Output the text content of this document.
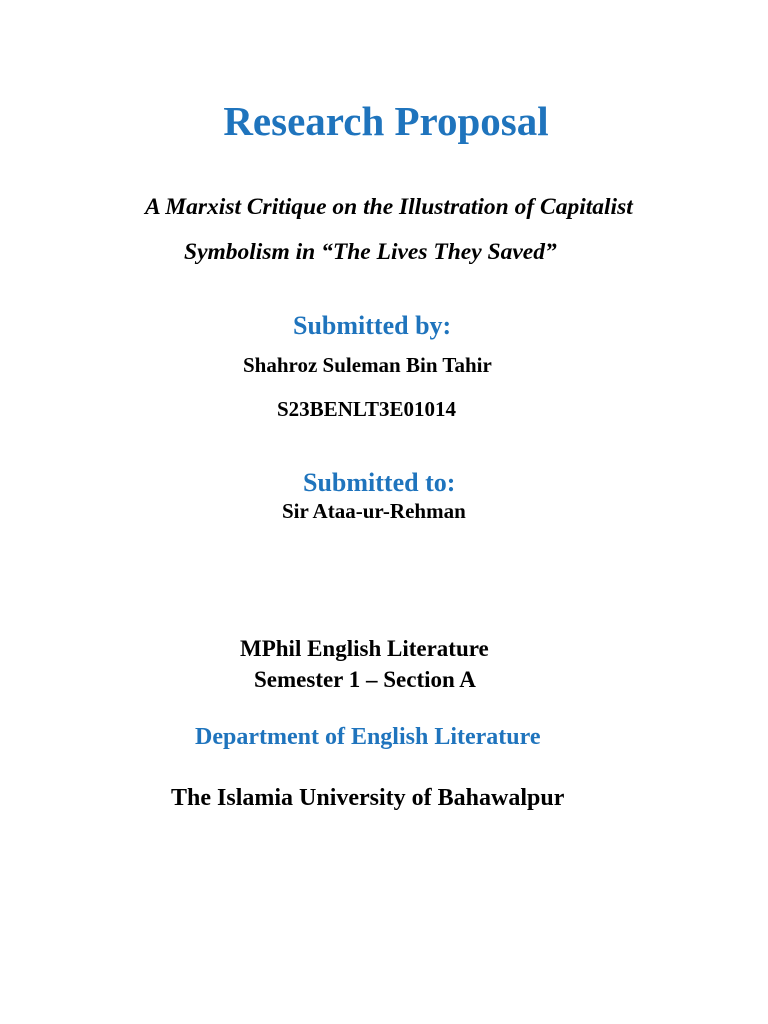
Research Proposal
A Marxist Critique on the Illustration of Capitalist
Symbolism in “The Lives They Saved”
Submitted by:
Shahroz Suleman Bin Tahir
S23BENLT3E01014
Submitted to:
Sir Ataa-ur-Rehman
MPhil English Literature
Semester 1 – Section A
Department of English Literature
The Islamia University of Bahawalpur
